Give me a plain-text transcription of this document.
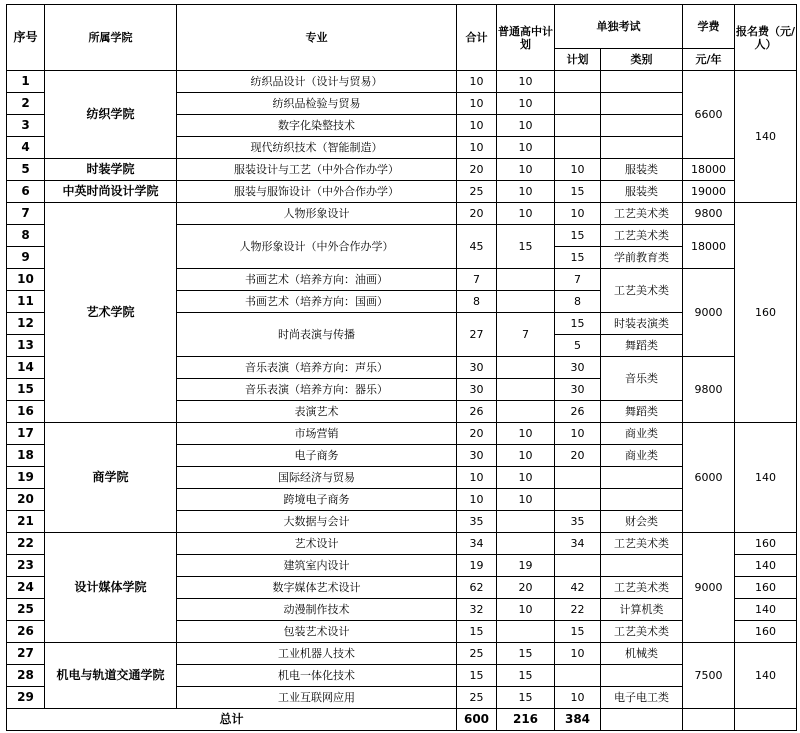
序号	所属学院	专业	合计	普通高中计划	单独考试		学费	报名费（元/人）
					计划	类别	元/年	
1	纺织学院	纺织品设计（设计与贸易）	10	10			6600	140
2		纺织品检验与贸易	10	10				
3		数字化染整技术	10	10				
4		现代纺织技术（智能制造）	10	10				
5	时装学院	服装设计与工艺（中外合作办学）	20	10	10	服装类	18000	
6	中英时尚设计学院	服装与服饰设计（中外合作办学）	25	10	15	服装类	19000	
7	艺术学院	人物形象设计	20	10	10	工艺美术类	9800	160
8		人物形象设计（中外合作办学）	45	15	15	工艺美术类	18000	
9					15	学前教育类		
10		书画艺术（培养方向：油画）	7		7	工艺美术类	9000	
11		书画艺术（培养方向：国画）	8		8			
12		时尚表演与传播	27	7	15	时装表演类		
13					5	舞蹈类		
14		音乐表演（培养方向：声乐）	30		30	音乐类	9800	
15		音乐表演（培养方向：器乐）	30		30			
16		表演艺术	26		26	舞蹈类		
17	商学院	市场营销	20	10	10	商业类	6000	140
18		电子商务	30	10	20	商业类		
19		国际经济与贸易	10	10				
20		跨境电子商务	10	10				
21		大数据与会计	35		35	财会类		
22	设计媒体学院	艺术设计	34		34	工艺美术类	9000	160
23		建筑室内设计	19	19				140
24		数字媒体艺术设计	62	20	42	工艺美术类		160
25		动漫制作技术	32	10	22	计算机类		140
26		包装艺术设计	15		15	工艺美术类		160
27	机电与轨道交通学院	工业机器人技术	25	15	10	机械类	7500	140
28		机电一体化技术	15	15				
29		工业互联网应用	25	15	10	电子电工类		
总计			600	216	384			
